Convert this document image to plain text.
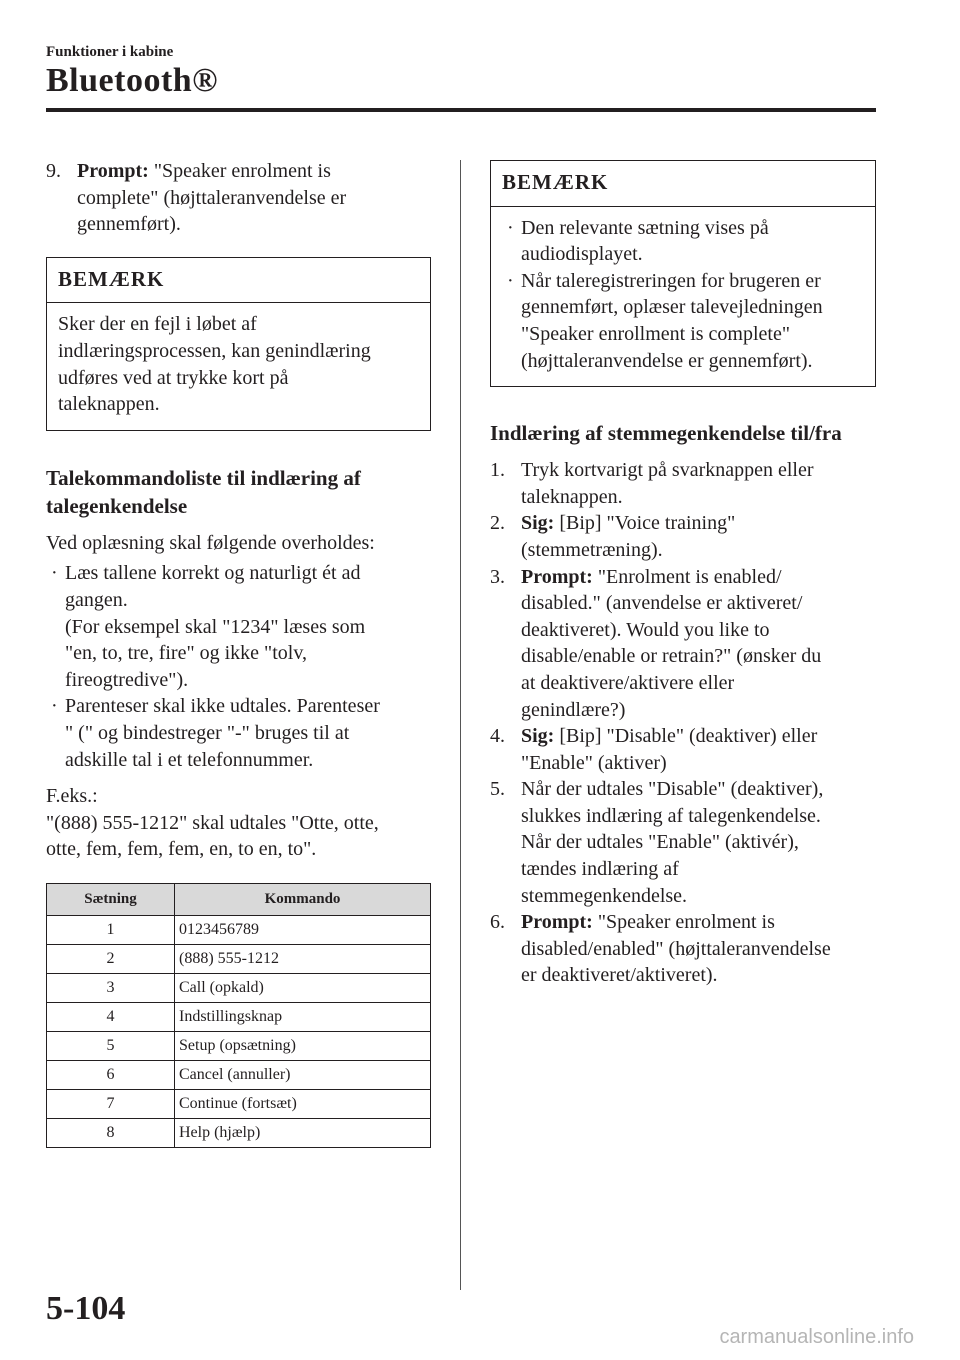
Funktioner i kabine
Bluetooth®
9. Prompt: "Speaker enrolment is
complete" (højttaleranvendelse er
gennemført).
BEMÆRK
Sker der en fejl i løbet af
indlæringsprocessen, kan genindlæring
udføres ved at trykke kort på
taleknappen.
Talekommandoliste til indlæring af
talegenkendelse
Ved oplæsning skal følgende overholdes:
· Læs tallene korrekt og naturligt ét ad
gangen.
(For eksempel skal "1234" læses som
"en, to, tre, fire" og ikke "tolv,
fireogtredive").
· Parenteser skal ikke udtales. Parenteser
" (" og bindestreger "-" bruges til at
adskille tal i et telefonnummer.
F.eks.:
"(888) 555-1212" skal udtales "Otte, otte,
otte, fem, fem, fem, en, to en, to".
Sætning	Kommando
1	0123456789
2	(888) 555-1212
3	Call (opkald)
4	Indstillingsknap
5	Setup (opsætning)
6	Cancel (annuller)
7	Continue (fortsæt)
8	Help (hjælp)
BEMÆRK
· Den relevante sætning vises på
audiodisplayet.
· Når taleregistreringen for brugeren er
gennemført, oplæser talevejledningen
"Speaker enrollment is complete"
(højttaleranvendelse er gennemført).
Indlæring af stemmegenkendelse til/fra
1. Tryk kortvarigt på svarknappen eller
taleknappen.
2. Sig: [Bip] "Voice training"
(stemmetræning).
3. Prompt: "Enrolment is enabled/
disabled." (anvendelse er aktiveret/
deaktiveret). Would you like to
disable/enable or retrain?" (ønsker du
at deaktivere/aktivere eller
genindlære?)
4. Sig: [Bip] "Disable" (deaktiver) eller
"Enable" (aktiver)
5. Når der udtales "Disable" (deaktiver),
slukkes indlæring af talegenkendelse.
Når der udtales "Enable" (aktivér),
tændes indlæring af
stemmegenkendelse.
6. Prompt: "Speaker enrolment is
disabled/enabled" (højttaleranvendelse
er deaktiveret/aktiveret).
5-104
carmanualsonline.info
